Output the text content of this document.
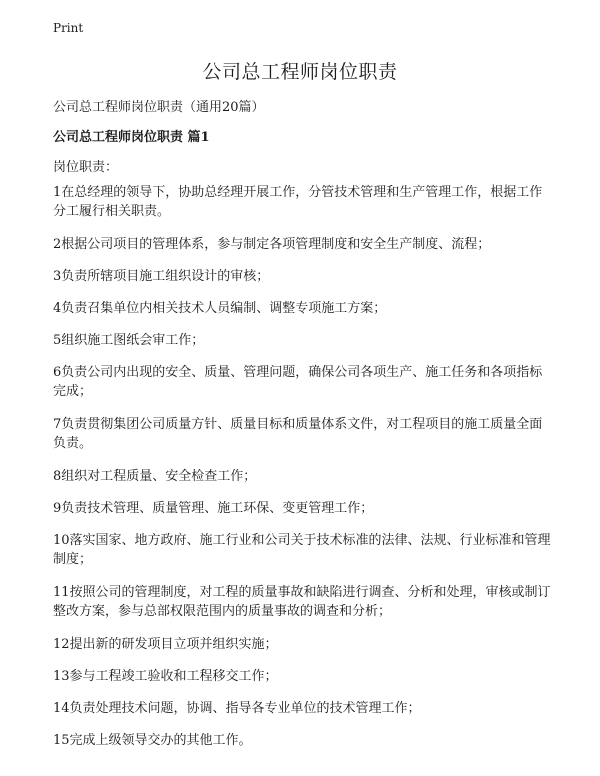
Print
公司总工程师岗位职责
公司总工程师岗位职责（通用20篇）
公司总工程师岗位职责 篇1
岗位职责：
1在总经理的领导下，协助总经理开展工作，分管技术管理和生产管理工作，根据工作分工履行相关职责。
2根据公司项目的管理体系，参与制定各项管理制度和安全生产制度、流程；
3负责所辖项目施工组织设计的审核；
4负责召集单位内相关技术人员编制、调整专项施工方案；
5组织施工图纸会审工作；
6负责公司内出现的安全、质量、管理问题，确保公司各项生产、施工任务和各项指标完成；
7负责贯彻集团公司质量方针、质量目标和质量体系文件，对工程项目的施工质量全面负责。
8组织对工程质量、安全检查工作；
9负责技术管理、质量管理、施工环保、变更管理工作；
10落实国家、地方政府、施工行业和公司关于技术标准的法律、法规、行业标准和管理制度；
11按照公司的管理制度，对工程的质量事故和缺陷进行调查、分析和处理，审核或制订整改方案，参与总部权限范围内的质量事故的调查和分析；
12提出新的研发项目立项并组织实施；
13参与工程竣工验收和工程移交工作；
14负责处理技术问题，协调、指导各专业单位的技术管理工作；
15完成上级领导交办的其他工作。
